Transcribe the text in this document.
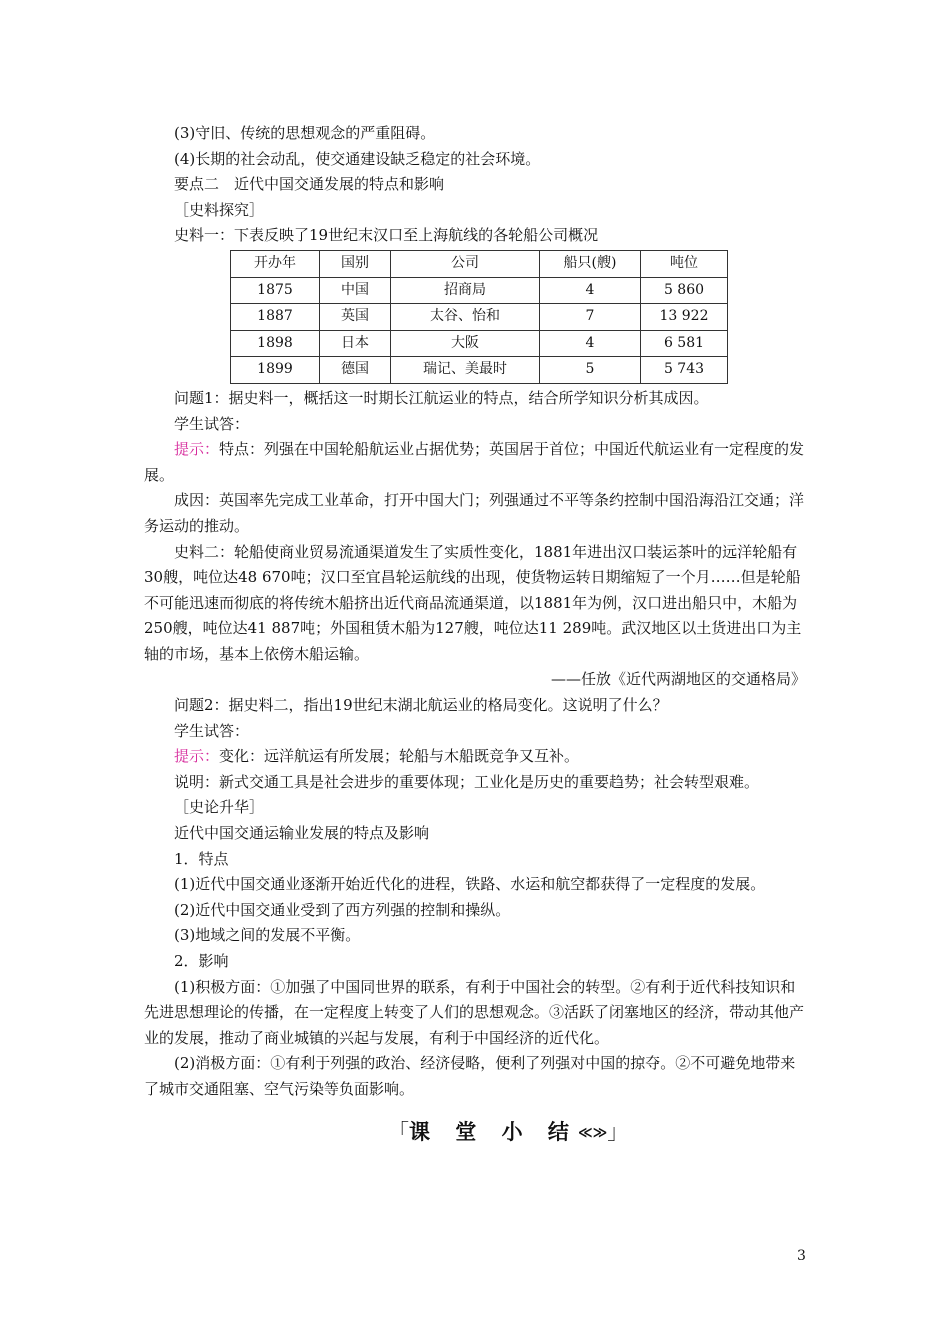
(3)守旧、传统的思想观念的严重阻碍。

(4)长期的社会动乱，使交通建设缺乏稳定的社会环境。

要点二　近代中国交通发展的特点和影响

［史料探究］

史料一：下表反映了19世纪末汉口至上海航线的各轮船公司概况

开办年	国别	公司	船只(艘)	吨位
1875	中国	招商局	4	5 860
1887	英国	太谷、怡和	7	13 922
1898	日本	大阪	4	6 581
1899	德国	瑞记、美最时	5	5 743

问题1：据史料一，概括这一时期长江航运业的特点，结合所学知识分析其成因。

学生试答：

提示：特点：列强在中国轮船航运业占据优势；英国居于首位；中国近代航运业有一定程度的发展。

成因：英国率先完成工业革命，打开中国大门；列强通过不平等条约控制中国沿海沿江交通；洋务运动的推动。

史料二：轮船使商业贸易流通渠道发生了实质性变化，1881年进出汉口装运茶叶的远洋轮船有30艘，吨位达48 670吨；汉口至宜昌轮运航线的出现，使货物运转日期缩短了一个月……但是轮船不可能迅速而彻底的将传统木船挤出近代商品流通渠道，以1881年为例，汉口进出船只中，木船为250艘，吨位达41 887吨；外国租赁木船为127艘，吨位达11 289吨。武汉地区以土货进出口为主轴的市场，基本上依傍木船运输。

——任放《近代两湖地区的交通格局》

问题2：据史料二，指出19世纪末湖北航运业的格局变化。这说明了什么？

学生试答：

提示：变化：远洋航运有所发展；轮船与木船既竞争又互补。

说明：新式交通工具是社会进步的重要体现；工业化是历史的重要趋势；社会转型艰难。

［史论升华］

近代中国交通运输业发展的特点及影响

1．特点

(1)近代中国交通业逐渐开始近代化的进程，铁路、水运和航空都获得了一定程度的发展。

(2)近代中国交通业受到了西方列强的控制和操纵。

(3)地域之间的发展不平衡。

2．影响

(1)积极方面：①加强了中国同世界的联系，有利于中国社会的转型。②有利于近代科技知识和先进思想理论的传播，在一定程度上转变了人们的思想观念。③活跃了闭塞地区的经济，带动其他产业的发展，推动了商业城镇的兴起与发展，有利于中国经济的近代化。

(2)消极方面：①有利于列强的政治、经济侵略，便利了列强对中国的掠夺。②不可避免地带来了城市交通阻塞、空气污染等负面影响。

「课 堂 小 结≪≫」
3
